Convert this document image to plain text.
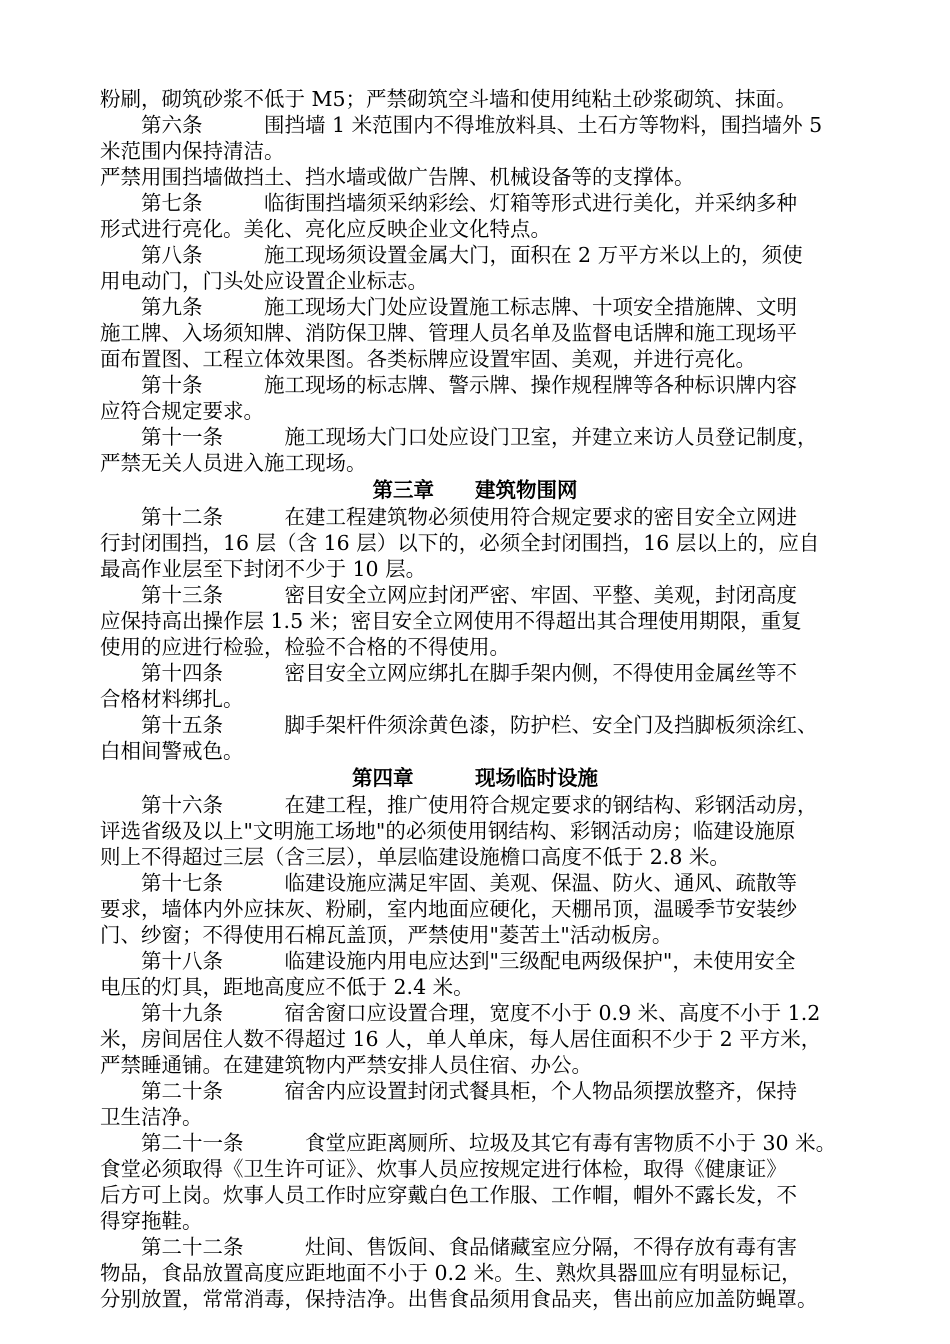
粉刷，砌筑砂浆不低于 M5；严禁砌筑空斗墙和使用纯粘土砂浆砌筑、抹面。
第六条　　　围挡墙 1 米范围内不得堆放料具、土石方等物料，围挡墙外 5
米范围内保持清洁。
严禁用围挡墙做挡土、挡水墙或做广告牌、机械设备等的支撑体。
第七条　　　临街围挡墙须采纳彩绘、灯箱等形式进行美化，并采纳多种
形式进行亮化。美化、亮化应反映企业文化特点。
第八条　　　施工现场须设置金属大门，面积在 2 万平方米以上的，须使
用电动门，门头处应设置企业标志。
第九条　　　施工现场大门处应设置施工标志牌、十项安全措施牌、文明
施工牌、入场须知牌、消防保卫牌、管理人员名单及监督电话牌和施工现场平
面布置图、工程立体效果图。各类标牌应设置牢固、美观，并进行亮化。
第十条　　　施工现场的标志牌、警示牌、操作规程牌等各种标识牌内容
应符合规定要求。
第十一条　　　施工现场大门口处应设门卫室，并建立来访人员登记制度，
严禁无关人员进入施工现场。
第三章　　建筑物围网
第十二条　　　在建工程建筑物必须使用符合规定要求的密目安全立网进
行封闭围挡，16 层（含 16 层）以下的，必须全封闭围挡，16 层以上的，应自
最高作业层至下封闭不少于 10 层。
第十三条　　　密目安全立网应封闭严密、牢固、平整、美观，封闭高度
应保持高出操作层 1.5 米；密目安全立网使用不得超出其合理使用期限，重复
使用的应进行检验，检验不合格的不得使用。
第十四条　　　密目安全立网应绑扎在脚手架内侧，不得使用金属丝等不
合格材料绑扎。
第十五条　　　脚手架杆件须涂黄色漆，防护栏、安全门及挡脚板须涂红、
白相间警戒色。
第四章　　　现场临时设施
第十六条　　　在建工程，推广使用符合规定要求的钢结构、彩钢活动房，
评选省级及以上"文明施工场地"的必须使用钢结构、彩钢活动房；临建设施原
则上不得超过三层（含三层），单层临建设施檐口高度不低于 2.8 米。
第十七条　　　临建设施应满足牢固、美观、保温、防火、通风、疏散等
要求，墙体内外应抹灰、粉刷，室内地面应硬化，天棚吊顶，温暖季节安装纱
门、纱窗；不得使用石棉瓦盖顶，严禁使用"菱苦土"活动板房。
第十八条　　　临建设施内用电应达到"三级配电两级保护"，未使用安全
电压的灯具，距地高度应不低于 2.4 米。
第十九条　　　宿舍窗口应设置合理，宽度不小于 0.9 米、高度不小于 1.2
米，房间居住人数不得超过 16 人，单人单床，每人居住面积不少于 2 平方米，
严禁睡通铺。在建建筑物内严禁安排人员住宿、办公。
第二十条　　　宿舍内应设置封闭式餐具柜，个人物品须摆放整齐，保持
卫生洁净。
第二十一条　　　食堂应距离厕所、垃圾及其它有毒有害物质不小于 30 米。
食堂必须取得《卫生许可证》、炊事人员应按规定进行体检，取得《健康证》
后方可上岗。炊事人员工作时应穿戴白色工作服、工作帽，帽外不露长发，不
得穿拖鞋。
第二十二条　　　灶间、售饭间、食品储藏室应分隔，不得存放有毒有害
物品，食品放置高度应距地面不小于 0.2 米。生、熟炊具器皿应有明显标记，
分别放置，常常消毒，保持洁净。出售食品须用食品夹，售出前应加盖防蝇罩。
